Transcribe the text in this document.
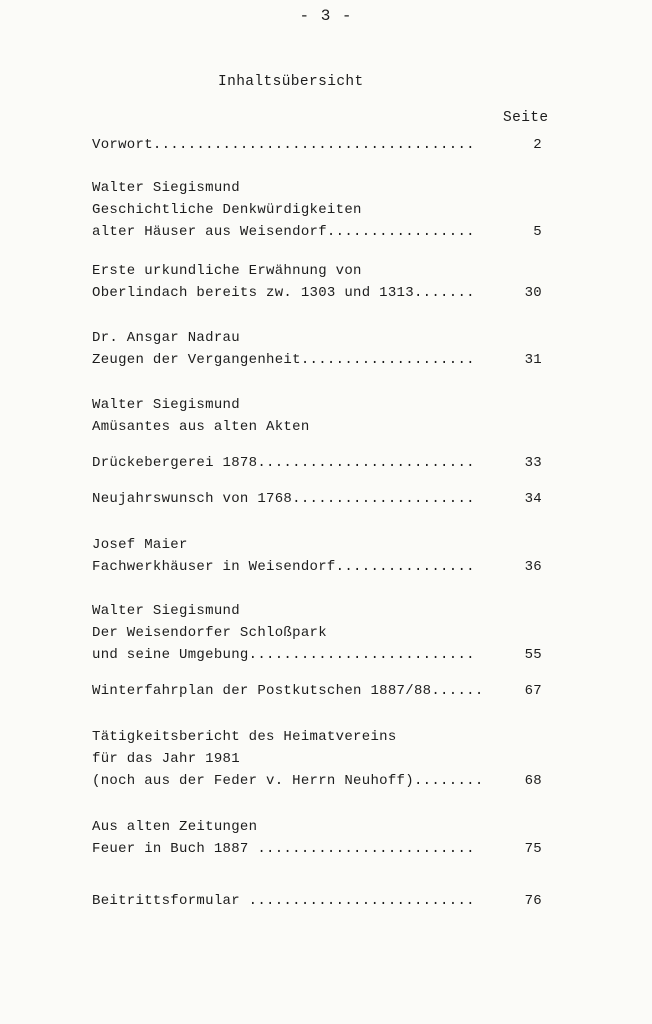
- 3 -
Inhaltsübersicht
Seite
Vorwort.....................................	2
Walter Siegismund
Geschichtliche Denkwürdigkeiten
alter Häuser aus Weisendorf.................	5
Erste urkundliche Erwähnung von
Oberlindach bereits zw. 1303 und 1313.......	30
Dr. Ansgar Nadrau
Zeugen der Vergangenheit....................	31
Walter Siegismund
Amüsantes aus alten Akten
Drückebergerei 1878.........................	33
Neujahrswunsch von 1768.....................	34
Josef Maier
Fachwerkhäuser in Weisendorf................	36
Walter Siegismund
Der Weisendorfer Schloßpark
und seine Umgebung..........................	55
Winterfahrplan der Postkutschen 1887/88......	67
Tätigkeitsbericht des Heimatvereins
für das Jahr 1981
(noch aus der Feder v. Herrn Neuhoff)........	68
Aus alten Zeitungen
Feuer in Buch 1887 .........................	75
Beitrittsformular ..........................	76
